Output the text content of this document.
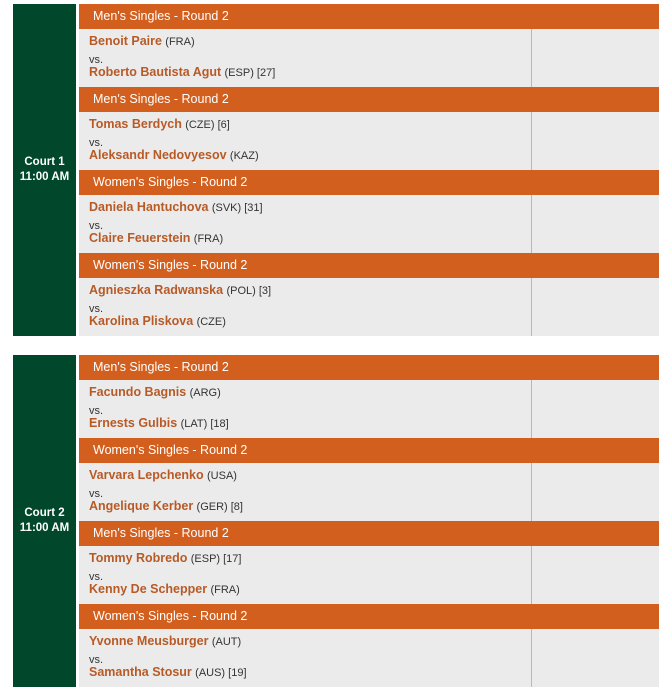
Court 1
11:00 AM
Men's Singles - Round 2
Benoit Paire (FRA)
vs.
Roberto Bautista Agut (ESP) [27]
Men's Singles - Round 2
Tomas Berdych (CZE) [6]
vs.
Aleksandr Nedovyesov (KAZ)
Women's Singles - Round 2
Daniela Hantuchova (SVK) [31]
vs.
Claire Feuerstein (FRA)
Women's Singles - Round 2
Agnieszka Radwanska (POL) [3]
vs.
Karolina Pliskova (CZE)
Court 2
11:00 AM
Men's Singles - Round 2
Facundo Bagnis (ARG)
vs.
Ernests Gulbis (LAT) [18]
Women's Singles - Round 2
Varvara Lepchenko (USA)
vs.
Angelique Kerber (GER) [8]
Men's Singles - Round 2
Tommy Robredo (ESP) [17]
vs.
Kenny De Schepper (FRA)
Women's Singles - Round 2
Yvonne Meusburger (AUT)
vs.
Samantha Stosur (AUS) [19]
